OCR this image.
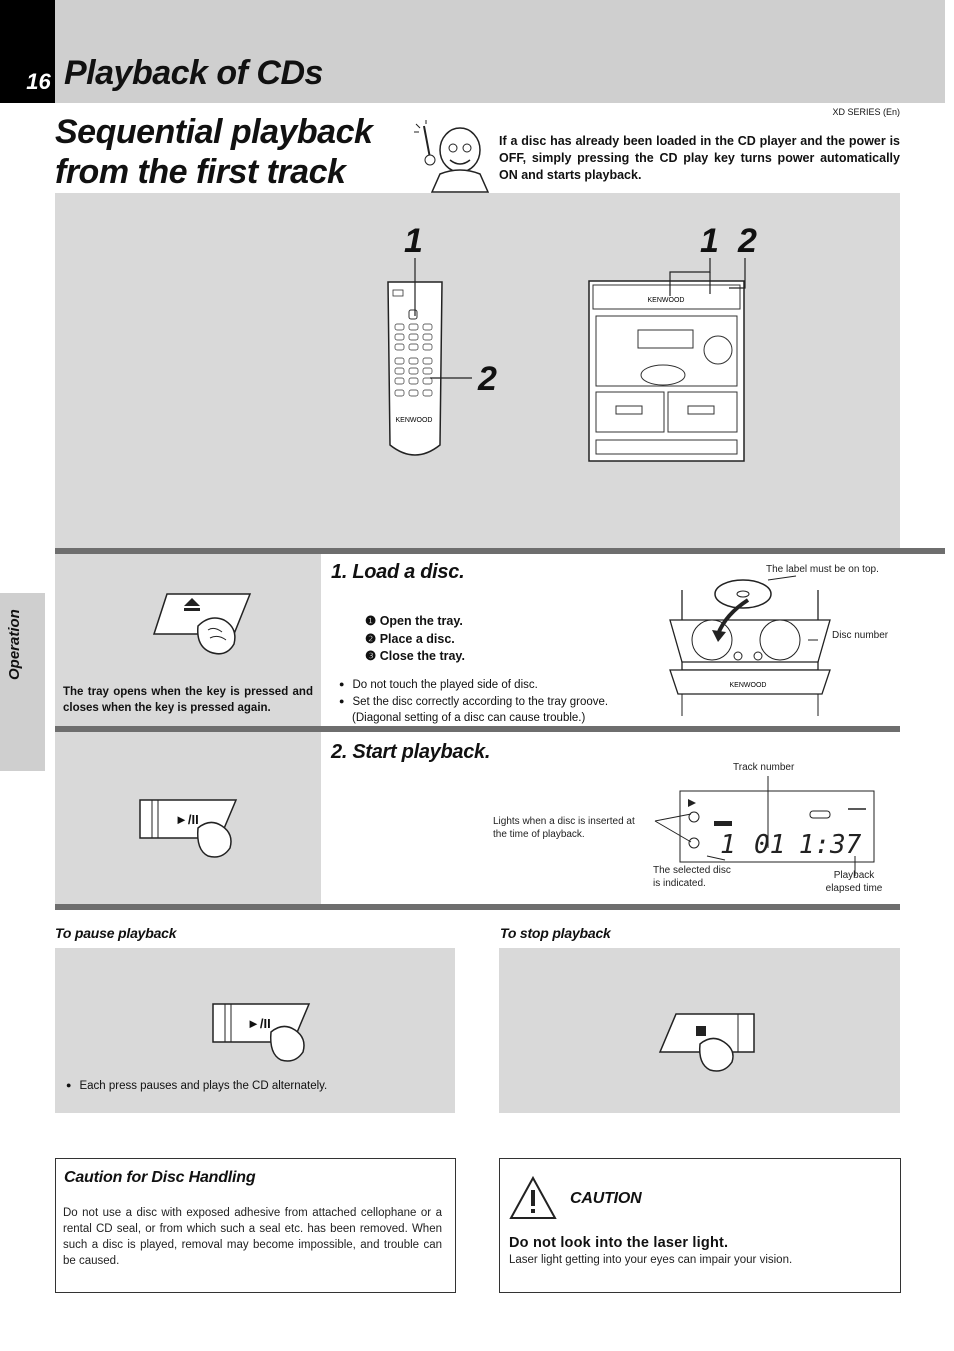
16 Playback of CDs
XD SERIES (En)
Sequential playback
from the first track
If a disc has already been loaded in the CD player and the power is OFF, simply pressing the CD play key turns power automatically ON and starts playback.
KENWOOD
1
2
KENWOOD
1 2
Operation
The tray opens when the key is pressed and closes when the key is pressed again.
1. Load a disc.
❶ Open the tray.
❷ Place a disc.
❸ Close the tray.
● Do not touch the played side of disc.
● Set the disc correctly according to the tray groove.
(Diagonal setting of a disc can cause trouble.)
KENWOOD
The label must be on top.
Disc number
►/II
2. Start playback.
Track number
Lights when a disc is inserted at
the time of playback.	1 01 1:37
The selected disc
is indicated.
Playback
elapsed time
To pause playback	To stop playback
►/II
● Each press pauses and plays the CD alternately.
Caution for Disc Handling
Do not use a disc with exposed adhesive from attached cellophane or a rental CD seal, or from which such a seal etc. has been removed. When such a disc is played, removal may become impossible, and trouble can be caused.
CAUTION
Do not look into the laser light.
Laser light getting into your eyes can impair your vision.
